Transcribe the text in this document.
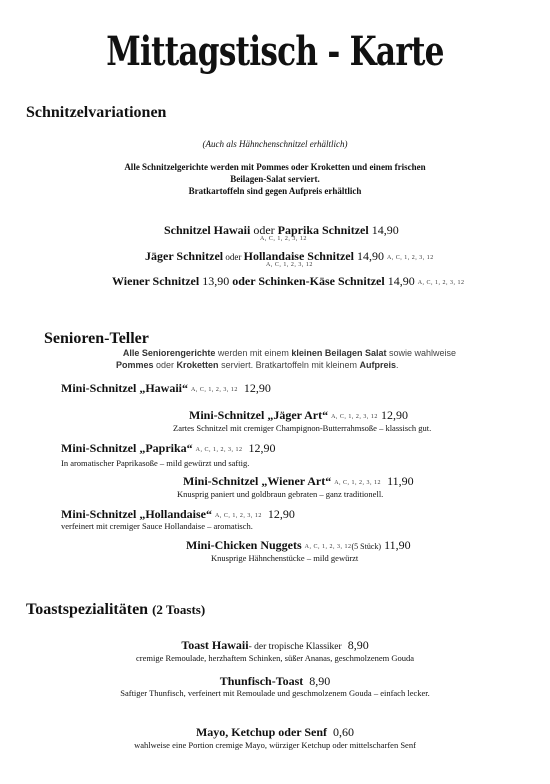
Mittagstisch - Karte
Schnitzelvariationen
(Auch als Hähnchenschnitzel erhältlich)
Alle Schnitzelgerichte werden mit Pommes oder Kroketten und einem frischen
Beilagen-Salat serviert.
Bratkartoffeln sind gegen Aufpreis erhältlich
Schnitzel Hawaii oder Paprika Schnitzel 14,90
A, C, 1, 2, 3, 12
Jäger Schnitzel oder Hollandaise Schnitzel 14,90 A, C, 1, 2, 3, 12
A, C, 1, 2, 3, 12
Wiener Schnitzel 13,90 oder Schinken-Käse Schnitzel 14,90 A, C, 1, 2, 3, 12
Senioren-Teller
Alle Seniorengerichte werden mit einem kleinen Beilagen Salat sowie wahlweise
Pommes oder Kroketten serviert. Bratkartoffeln mit kleinem Aufpreis.
Mini-Schnitzel „Hawaii“ A, C, 1, 2, 3, 12 12,90
Mini-Schnitzel „Jäger Art“ A, C, 1, 2, 3, 12 12,90
Zartes Schnitzel mit cremiger Champignon-Butterrahmsoße – klassisch gut.
Mini-Schnitzel „Paprika“ A, C, 1, 2, 3, 12 12,90
In aromatischer Paprikasoße – mild gewürzt und saftig.
Mini-Schnitzel „Wiener Art“ A, C, 1, 2, 3, 12 11,90
Knusprig paniert und goldbraun gebraten – ganz traditionell.
Mini-Schnitzel „Hollandaise“ A, C, 1, 2, 3, 12 12,90
verfeinert mit cremiger Sauce Hollandaise – aromatisch.
Mini-Chicken Nuggets A, C, 1, 2, 3, 12(5 Stück) 11,90
Knusprige Hähnchenstücke – mild gewürzt
Toastspezialitäten (2 Toasts)
Toast Hawaii- der tropische Klassiker 8,90
cremige Remoulade, herzhaftem Schinken, süßer Ananas, geschmolzenem Gouda
Thunfisch-Toast 8,90
Saftiger Thunfisch, verfeinert mit Remoulade und geschmolzenem Gouda – einfach lecker.
Mayo, Ketchup oder Senf 0,60
wahlweise eine Portion cremige Mayo, würziger Ketchup oder mittelscharfen Senf
